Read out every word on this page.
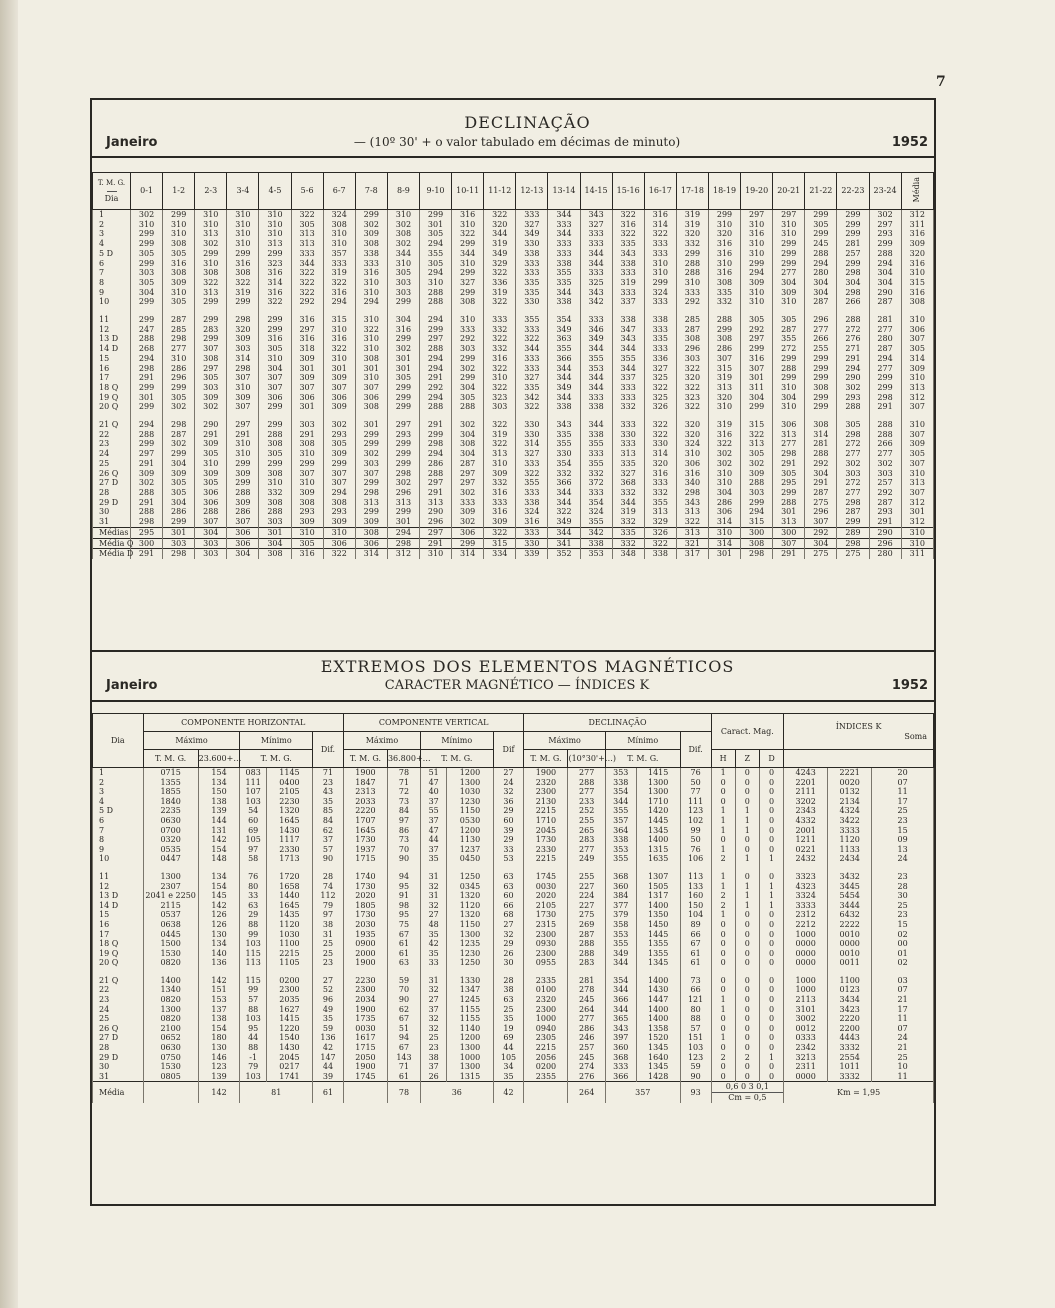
7
DECLINAÇÃO
Janeiro	— (10º 30' + o valor tabulado em décimas de minuto)	1952
T. M. G.
Dia	0-1	1-2	2-3	3-4	4-5	5-6	6-7	7-8	8-9	9-10	10-11	11-12	12-13	13-14	14-15	15-16	16-17	17-18	18-19	19-20	20-21	21-22	22-23	23-24	Média
1	302	299	310	310	310	322	324	299	310	299	316	322	333	344	343	322	316	319	299	297	297	299	299	302	312
2	310	310	310	310	310	305	308	302	302	301	310	320	327	333	327	316	314	319	310	310	310	305	299	297	311
3	299	310	313	310	310	313	310	309	308	305	322	344	349	344	333	322	322	320	320	316	310	299	299	293	316
4	299	308	302	310	313	313	310	308	302	294	299	319	330	333	333	335	333	332	316	310	299	245	281	299	309
5 D	305	305	299	299	299	333	357	338	344	355	344	349	338	333	344	343	333	299	316	310	299	288	257	288	320
6	299	316	310	316	323	344	333	333	310	305	310	329	333	338	344	338	310	288	310	299	299	294	299	294	316
7	303	308	308	308	316	322	319	316	305	294	299	322	333	355	333	333	310	288	316	294	277	280	298	304	310
8	305	309	322	322	314	322	322	310	303	310	327	336	335	335	325	319	299	310	308	309	304	304	304	304	315
9	304	310	313	319	316	322	316	310	303	288	299	319	335	344	343	333	324	333	335	310	309	304	298	290	316
10	299	305	299	299	322	292	294	294	299	288	308	322	330	338	342	337	333	292	332	310	310	287	266	287	308

11	299	287	299	298	299	316	315	310	304	294	310	333	355	354	333	338	338	285	288	305	305	296	288	281	310
12	247	285	283	320	299	297	310	322	316	299	333	332	333	349	346	347	333	287	299	292	287	277	272	277	306
13 D	288	298	299	309	316	316	316	310	299	297	292	322	322	363	349	343	335	308	308	297	355	266	276	280	307
14 D	268	277	307	303	305	318	322	310	302	288	303	332	344	355	344	344	333	296	286	299	272	255	271	287	305
15	294	310	308	314	310	309	310	308	301	294	299	316	333	366	355	355	336	303	307	316	299	299	291	294	314
16	298	286	297	298	304	301	301	301	301	294	302	322	333	344	353	344	327	322	315	307	288	299	294	277	309
17	291	296	305	307	307	309	309	310	305	291	299	310	327	344	344	337	325	320	319	301	299	299	290	299	310
18 Q	299	299	303	310	307	307	307	307	299	292	304	322	335	349	344	333	322	322	313	311	310	308	302	299	313
19 Q	301	305	309	309	306	306	306	306	299	294	305	323	342	344	333	333	325	323	320	304	304	299	293	298	312
20 Q	299	302	302	307	299	301	309	308	299	288	288	303	322	338	338	332	326	322	310	299	310	299	288	291	307

21 Q	294	298	290	297	299	303	302	301	297	291	302	322	330	343	344	333	322	320	319	315	306	308	305	288	310
22	288	287	291	291	288	291	293	299	293	299	304	319	330	335	338	330	322	320	316	322	313	314	298	288	307
23	299	302	309	310	308	308	305	299	299	298	308	322	314	355	355	333	330	324	322	313	277	281	272	266	309
24	297	299	305	310	305	310	309	302	299	294	304	313	327	330	333	313	314	310	302	305	298	288	277	277	305
25	291	304	310	299	299	299	299	303	299	286	287	310	333	354	355	335	320	306	302	302	291	292	302	302	307
26 Q	309	309	309	309	308	307	307	307	298	288	297	309	322	332	332	327	316	316	310	309	305	304	303	303	310
27 D	302	305	305	299	310	310	307	299	302	297	297	332	355	366	372	368	333	340	310	288	295	291	272	257	313
28	288	305	306	288	332	309	294	298	296	291	302	316	333	344	333	332	332	298	304	303	299	287	277	292	307
29 D	291	304	306	309	308	308	308	313	313	313	333	333	338	344	354	344	355	343	286	299	288	275	298	287	312
30	288	286	288	286	288	293	293	299	299	290	309	316	324	322	324	319	313	313	306	294	301	296	287	293	301
31	298	299	307	307	303	309	309	309	301	296	302	309	316	349	355	332	329	322	314	315	313	307	299	291	312
Médias	295	301	304	306	301	310	310	308	294	297	306	322	333	344	342	335	326	313	310	300	300	292	289	290	310
Média Q	300	303	303	306	304	305	306	306	298	291	299	315	330	341	338	332	322	321	314	308	307	304	298	296	310
Média D	291	298	303	304	308	316	322	314	312	310	314	334	339	352	353	348	338	317	301	298	291	275	275	280	311
EXTREMOS DOS ELEMENTOS MAGNÉTICOS
Janeiro	CARACTER MAGNÉTICO — ÍNDICES K	1952
Dia	COMPONENTE HORIZONTAL					COMPONENTE VERTICAL					DECLINAÇÃO					Caract. Mag.			ÍNDICES K
Soma		

	Máximo		Mínimo		Dif.	Máximo		Mínimo		Dif	Máximo		Mínimo		Dif.						
	T. M. G.	23.600+…	T. M. G.			T. M. G.	36.800+…	T. M. G.			T. M. G.	(10°30'+…)	T. M. G.			H	Z	D			
1	0715	154	083	1145	71	1900	78	51	1200	27	1900	277	353	1415	76	1	0	0	4243	2221	20
2	1355	134	111	0400	23	1847	71	47	1300	24	2320	288	338	1300	50	0	0	0	2201	0020	07
3	1855	150	107	2105	43	2313	72	40	1030	32	2300	277	354	1300	77	0	0	0	2111	0132	11
4	1840	138	103	2230	35	2033	73	37	1230	36	2130	233	344	1710	111	0	0	0	3202	2134	17
5 D	2235	139	54	1320	85	2220	84	55	1150	29	2215	252	355	1420	123	1	1	0	2343	4324	25
6	0630	144	60	1645	84	1707	97	37	0530	60	1710	255	357	1445	102	1	1	0	4332	3422	23
7	0700	131	69	1430	62	1645	86	47	1200	39	2045	265	364	1345	99	1	1	0	2001	3333	15
8	0320	142	105	1117	37	1730	73	44	1130	29	1730	283	338	1400	50	0	0	0	1211	1120	09
9	0535	154	97	2330	57	1937	70	37	1237	33	2330	277	353	1315	76	1	0	0	0221	1133	13
10	0447	148	58	1713	90	1715	90	35	0450	53	2215	249	355	1635	106	2	1	1	2432	2434	24

11	1300	134	76	1720	28	1740	94	31	1250	63	1745	255	368	1307	113	1	0	0	3323	3432	23
12	2307	154	80	1658	74	1730	95	32	0345	63	0030	227	360	1505	133	1	1	1	4323	3445	28
13 D	2041 e 2250	145	33	1440	112	2020	91	31	1320	60	2020	224	384	1317	160	2	1	1	3324	5454	30
14 D	2115	142	63	1645	79	1805	98	32	1120	66	2105	227	377	1400	150	2	1	1	3333	3444	25
15	0537	126	29	1435	97	1730	95	27	1320	68	1730	275	379	1350	104	1	0	0	2312	6432	23
16	0638	126	88	1120	38	2030	75	48	1150	27	2315	269	358	1450	89	0	0	0	2212	2222	15
17	0445	130	99	1030	31	1935	67	35	1300	32	2300	287	353	1445	66	0	0	0	1000	0010	02
18 Q	1500	134	103	1100	25	0900	61	42	1235	29	0930	288	355	1355	67	0	0	0	0000	0000	00
19 Q	1530	140	115	2215	25	2000	61	35	1230	26	2300	288	349	1355	61	0	0	0	0000	0010	01
20 Q	0820	136	113	1105	23	1900	63	33	1250	30	0955	283	344	1345	61	0	0	0	0000	0011	02

21 Q	1400	142	115	0200	27	2230	59	31	1330	28	2335	281	354	1400	73	0	0	0	1000	1100	03
22	1340	151	99	2300	52	2300	70	32	1347	38	0100	278	344	1430	66	0	0	0	1000	0123	07
23	0820	153	57	2035	96	2034	90	27	1245	63	2320	245	366	1447	121	1	0	0	2113	3434	21
24	1300	137	88	1627	49	1900	62	37	1155	25	2300	264	344	1400	80	1	0	0	3101	3423	17
25	0820	138	103	1415	35	1735	67	32	1155	35	1000	277	365	1400	88	0	0	0	3002	2220	11
26 Q	2100	154	95	1220	59	0030	51	32	1140	19	0940	286	343	1358	57	0	0	0	0012	2200	07
27 D	0652	180	44	1540	136	1617	94	25	1200	69	2305	246	397	1520	151	1	0	0	0333	4443	24
28	0630	130	88	1430	42	1715	67	23	1300	44	2215	257	360	1345	103	0	0	0	2342	3332	21
29 D	0750	146	-1	2045	147	2050	143	38	1000	105	2056	245	368	1640	123	2	2	1	3213	2554	25
30	1530	123	79	0217	44	1900	71	37	1300	34	0200	274	333	1345	59	0	0	0	2311	1011	10
31	0805	139	103	1741	39	1745	61	26	1315	35	2355	276	366	1428	90	0	0	0	0000	3332	11
Média		142	81		61		78	36		42		264	357		93	0,6 0 3 0,1
Cm = 0,5			Km = 1,95		
